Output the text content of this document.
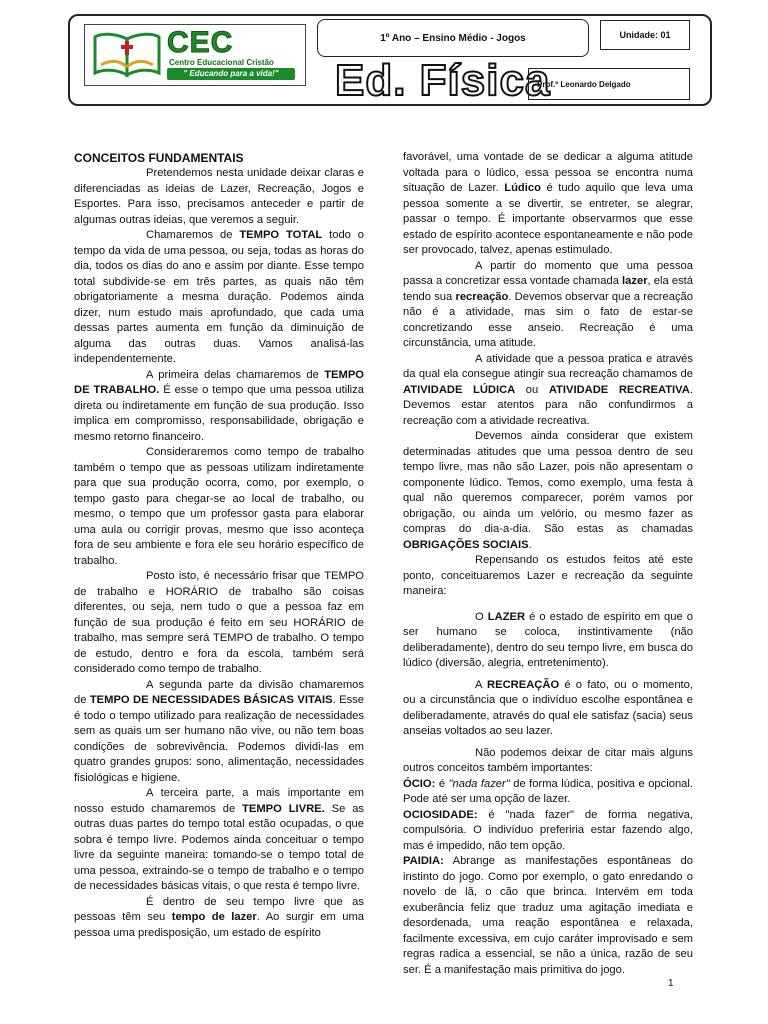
CEC
Centro Educacional Cristão
" Educando para a vida!"
1º Ano – Ensino Médio - Jogos	Unidade: 01
Ed. Física
Prof.º Leonardo Delgado
CONCEITOS FUNDAMENTAIS

Pretendemos nesta unidade deixar claras e diferenciadas as ideias de Lazer, Recreação, Jogos e Esportes. Para isso, precisamos anteceder e partir de algumas outras ideias, que veremos a seguir.

Chamaremos de TEMPO TOTAL todo o tempo da vida de uma pessoa, ou seja, todas as horas do dia, todos os dias do ano e assim por diante. Esse tempo total subdivide-se em três partes, as quais não têm obrigatoriamente a mesma duração. Podemos ainda dizer, num estudo mais aprofundado, que cada uma dessas partes aumenta em função da diminuição de alguma das outras duas. Vamos analisá-las independentemente.

A primeira delas chamaremos de TEMPO DE TRABALHO. É esse o tempo que uma pessoa utiliza direta ou indiretamente em função de sua produção. Isso implica em compromisso, responsabilidade, obrigação e mesmo retorno financeiro.

Consideraremos como tempo de trabalho também o tempo que as pessoas utilizam indiretamente para que sua produção ocorra, como, por exemplo, o tempo gasto para chegar-se ao local de trabalho, ou mesmo, o tempo que um professor gasta para elaborar uma aula ou corrigir provas, mesmo que isso aconteça fora de seu ambiente e fora ele seu horário específico de trabalho.

Posto isto, é necessário frisar que TEMPO de trabalho e HORÁRIO de trabalho são coisas diferentes, ou seja, nem tudo o que a pessoa faz em função de sua produção é feito em seu HORÁRIO de trabalho, mas sempre será TEMPO de trabalho. O tempo de estudo, dentro e fora da escola, também será considerado como tempo de trabalho.

A segunda parte da divisão chamaremos de TEMPO DE NECESSIDADES BÁSICAS VITAIS. Esse é todo o tempo utilizado para realização de necessidades sem as quais um ser humano não vive, ou não tem boas condições de sobrevivência. Podemos dividi-las em quatro grandes grupos: sono, alimentação, necessidades fisiológicas e higiene.

A terceira parte, a mais importante em nosso estudo chamaremos de TEMPO LIVRE. Se as outras duas partes do tempo total estão ocupadas, o que sobra é tempo livre. Podemos ainda conceituar o tempo livre da seguinte maneira: tomando-se o tempo total de uma pessoa, extraindo-se o tempo de trabalho e o tempo de necessidades básicas vitais, o que resta é tempo livre.

É dentro de seu tempo livre que as pessoas têm seu tempo de lazer. Ao surgir em uma pessoa uma predisposição, um estado de espírito

favorável, uma vontade de se dedicar a alguma atitude voltada para o lúdico, essa pessoa se encontra numa situação de Lazer. Lúdico é tudo aquilo que leva uma pessoa somente a se divertir, se entreter, se alegrar, passar o tempo. É importante observarmos que esse estado de espírito acontece espontaneamente e não pode ser provocado, talvez, apenas estimulado.

A partir do momento que uma pessoa passa a concretizar essa vontade chamada lazer, ela está tendo sua recreação. Devemos observar que a recreação não é a atividade, mas sim o fato de estar-se concretizando esse anseio. Recreação é uma circunstância, uma atitude.

A atividade que a pessoa pratica e através da qual ela consegue atingir sua recreação chamamos de ATIVIDADE LÚDICA ou ATIVIDADE RECREATIVA. Devemos estar atentos para não confundirmos a recreação com a atividade recreativa.

Devemos ainda considerar que existem determinadas atitudes que uma pessoa dentro de seu tempo livre, mas não são Lazer, pois não apresentam o componente lúdico. Temos, como exemplo, uma festa à qual não queremos comparecer, porém vamos por obrigação, ou ainda um velório, ou mesmo fazer as compras do dia-a-dia. São estas as chamadas OBRIGAÇÕES SOCIAIS.

Repensando os estudos feitos até este ponto, conceituaremos Lazer e recreação da seguinte maneira:

O LAZER é o estado de espírito em que o ser humano se coloca, instintivamente (não deliberadamente), dentro do seu tempo livre, em busca do lúdico (diversão, alegria, entretenimento).

A RECREAÇÃO é o fato, ou o momento, ou a circunstância que o indivíduo escolhe espontânea e deliberadamente, através do qual ele satisfaz (sacia) seus anseias voltados ao seu lazer.

Não podemos deixar de citar mais alguns outros conceitos também importantes:

ÓCIO: é "nada fazer" de forma lúdica, positiva e opcional. Pode até ser uma opção de lazer.

OCIOSIDADE: é "nada fazer" de forma negativa, compulsória. O indivíduo preferiria estar fazendo algo, mas é impedido, não tem opção.

PAIDIA: Abrange as manifestações espontâneas do instinto do jogo. Como por exemplo, o gato enredando o novelo de lã, o cão que brinca. Intervém em toda exuberância feliz que traduz uma agitação imediata e desordenada, uma reação espontânea e relaxada, facilmente excessiva, em cujo caráter improvisado e sem regras radica a essencial, se não a única, razão de seu ser. É a manifestação mais primitiva do jogo.

1
